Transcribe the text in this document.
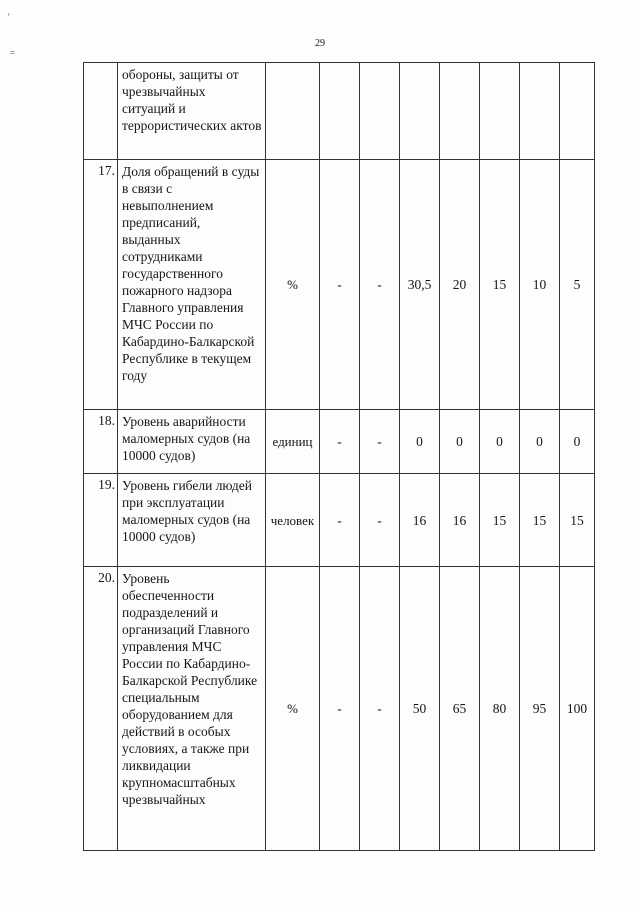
'
=
29
	обороны, защиты от чрезвычайных ситуаций и террористических актов								
17.	Доля обращений в суды в связи с невыполнением предписаний, выданных сотрудниками государственного пожарного надзора Главного управления МЧС России по Кабардино-Балкарской Республике в текущем году	%	-	-	30,5	20	15	10	5
18.	Уровень аварийности маломерных судов (на 10000 судов)	единиц	-	-	0	0	0	0	0
19.	Уровень гибели людей при эксплуатации маломерных судов (на 10000 судов)	человек	-	-	16	16	15	15	15
20.	Уровень обеспеченности подразделений и организаций Главного управления МЧС России по Кабардино-Балкарской Республике специальным оборудованием для действий в особых условиях, а также при ликвидации крупномасштабных чрезвычайных	%	-	-	50	65	80	95	100
